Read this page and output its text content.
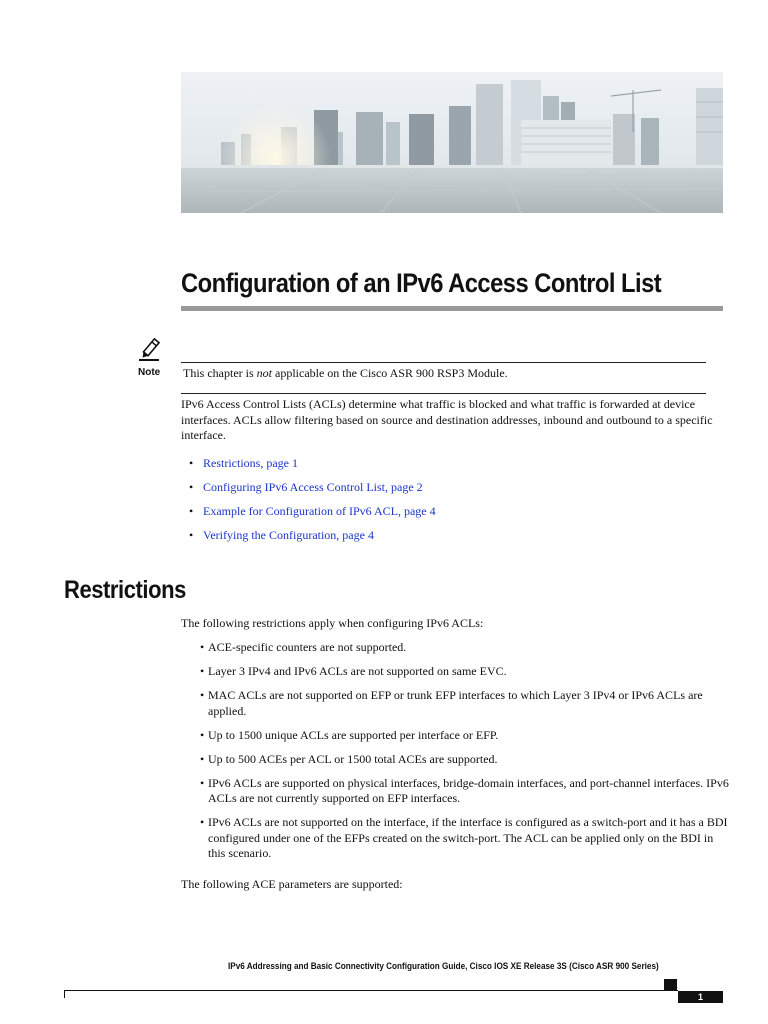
Configuration of an IPv6 Access Control List
Note This chapter is not applicable on the Cisco ASR 900 RSP3 Module.
IPv6 Access Control Lists (ACLs) determine what traffic is blocked and what traffic is forwarded at device interfaces. ACLs allow filtering based on source and destination addresses, inbound and outbound to a specific interface.
• Restrictions, page 1
• Configuring IPv6 Access Control List, page 2
• Example for Configuration of IPv6 ACL, page 4
• Verifying the Configuration, page 4
Restrictions
The following restrictions apply when configuring IPv6 ACLs:
• ACE-specific counters are not supported.
• Layer 3 IPv4 and IPv6 ACLs are not supported on same EVC.
• MAC ACLs are not supported on EFP or trunk EFP interfaces to which Layer 3 IPv4 or IPv6 ACLs are applied.
• Up to 1500 unique ACLs are supported per interface or EFP.
• Up to 500 ACEs per ACL or 1500 total ACEs are supported.
• IPv6 ACLs are supported on physical interfaces, bridge-domain interfaces, and port-channel interfaces. IPv6 ACLs are not currently supported on EFP interfaces.
• IPv6 ACLs are not supported on the interface, if the interface is configured as a switch-port and it has a BDI configured under one of the EFPs created on the switch-port. The ACL can be applied only on the BDI in this scenario.
The following ACE parameters are supported:
IPv6 Addressing and Basic Connectivity Configuration Guide, Cisco IOS XE Release 3S (Cisco ASR 900 Series)
1
